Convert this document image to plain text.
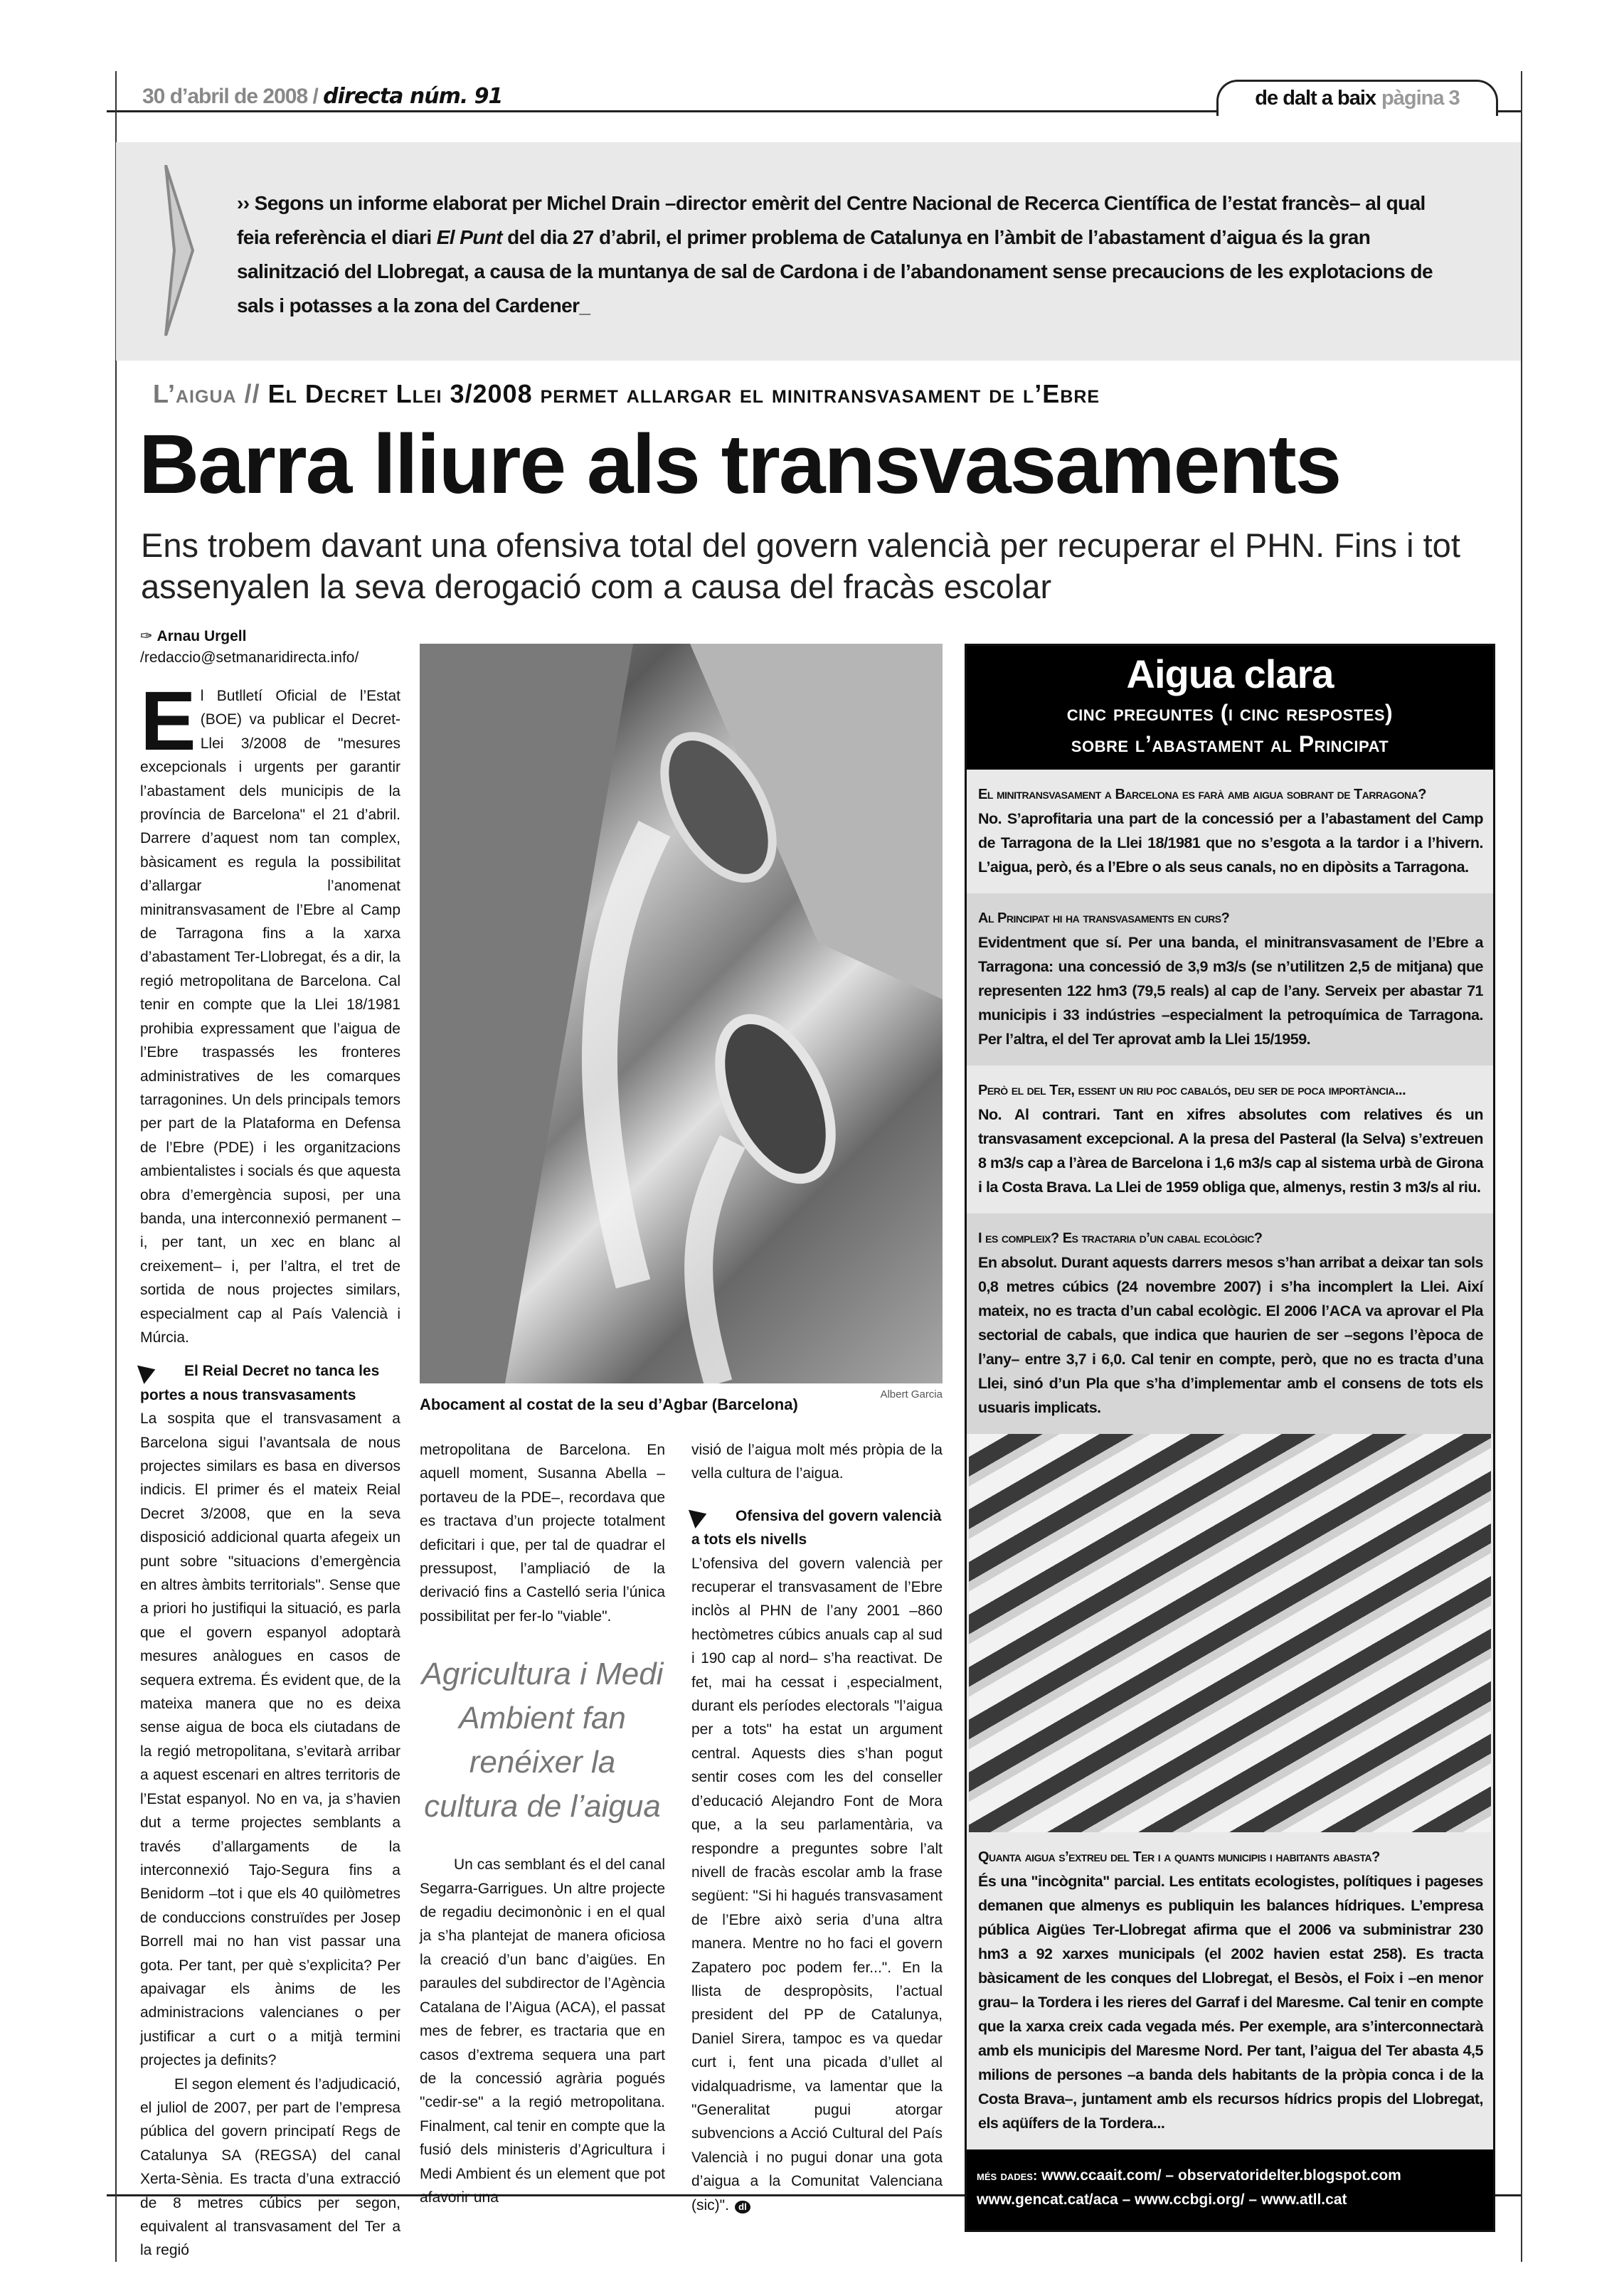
30 d’abril de 2008 / directa núm. 91	de dalt a baix pàgina 3
›› Segons un informe elaborat per Michel Drain –director emèrit del Centre Nacional de Recerca Científica de l’estat francès– al qual feia referència el diari El Punt del dia 27 d’abril, el primer problema de Catalunya en l’àmbit de l’abastament d’aigua és la gran salinització del Llobregat, a causa de la muntanya de sal de Cardona i de l’abandonament sense precaucions de les explotacions de sals i potasses a la zona del Cardener_
L’aigua // El Decret Llei 3/2008 permet allargar el minitransvasament de l’Ebre
Barra lliure als transvasaments
Ens trobem davant una ofensiva total del govern valencià per recuperar el PHN. Fins i tot assenyalen la seva derogació com a causa del fracàs escolar
✑ Arnau Urgell
/redaccio@setmanaridirecta.info/

El Butlletí Oficial de l’Estat (BOE) va publicar el Decret-Llei 3/2008 de "mesures excepcionals i urgents per garantir l’abastament dels municipis de la província de Barcelona" el 21 d’abril. Darrere d’aquest nom tan complex, bàsicament es regula la possibilitat d’allargar l’anomenat minitransvasament de l’Ebre al Camp de Tarragona fins a la xarxa d’abastament Ter-Llobregat, és a dir, la regió metropolitana de Barcelona. Cal tenir en compte que la Llei 18/1981 prohibia expressament que l’aigua de l’Ebre traspassés les fronteres administratives de les comarques tarragonines. Un dels principals temors per part de la Plataforma en Defensa de l’Ebre (PDE) i les organitzacions ambientalistes i socials és que aquesta obra d’emergència suposi, per una banda, una interconnexió permanent –i, per tant, un xec en blanc al creixement– i, per l’altra, el tret de sortida de nous projectes similars, especialment cap al País Valencià i Múrcia.

El Reial Decret no tanca les portes a nous transvasaments

La sospita que el transvasament a Barcelona sigui l’avantsala de nous projectes similars es basa en diversos indicis. El primer és el mateix Reial Decret 3/2008, que en la seva disposició addicional quarta afegeix un punt sobre "situacions d’emergència en altres àmbits territorials". Sense que a priori ho justifiqui la situació, es parla que el govern espanyol adoptarà mesures anàlogues en casos de sequera extrema. És evident que, de la mateixa manera que no es deixa sense aigua de boca els ciutadans de la regió metropolitana, s’evitarà arribar a aquest escenari en altres territoris de l’Estat espanyol. No en va, ja s’havien dut a terme projectes semblants a través d’allargaments de la interconnexió Tajo-Segura fins a Benidorm –tot i que els 40 quilòmetres de conduccions construïdes per Josep Borrell mai no han vist passar una gota. Per tant, per què s’explicita? Per apaivagar els ànims de les administracions valencianes o per justificar a curt o a mitjà termini projectes ja definits?

El segon element és l’adjudicació, el juliol de 2007, per part de l’empresa pública del govern principatí Regs de Catalunya SA (REGSA) del canal Xerta-Sènia. Es tracta d’una extracció de 8 metres cúbics per segon, equivalent al transvasament del Ter a la regió

Abocament al costat de la seu d’Agbar (Barcelona)
Albert Garcia

metropolitana de Barcelona. En aquell moment, Susanna Abella –portaveu de la PDE–, recordava que es tractava d’un projecte totalment deficitari i que, per tal de quadrar el pressupost, l’ampliació de la derivació fins a Castelló seria l’única possibilitat per fer-lo "viable".

Agricultura i Medi Ambient fan renéixer la cultura de l’aigua

Un cas semblant és el del canal Segarra-Garrigues. Un altre projecte de regadiu decimonònic i en el qual ja s’ha plantejat de manera oficiosa la creació d’un banc d’aigües. En paraules del subdirector de l’Agència Catalana de l’Aigua (ACA), el passat mes de febrer, es tractaria que en casos d’extrema sequera una part de la concessió agrària pogués "cedir-se" a la regió metropolitana. Finalment, cal tenir en compte que la fusió dels ministeris d’Agricultura i Medi Ambient és un element que pot afavorir una

visió de l’aigua molt més pròpia de la vella cultura de l’aigua.

Ofensiva del govern valencià a tots els nivells

L’ofensiva del govern valencià per recuperar el transvasament de l’Ebre inclòs al PHN de l’any 2001 –860 hectòmetres cúbics anuals cap al sud i 190 cap al nord– s’ha reactivat. De fet, mai ha cessat i ,especialment, durant els períodes electorals "l’aigua per a tots" ha estat un argument central. Aquests dies s’han pogut sentir coses com les del conseller d’educació Alejandro Font de Mora que, a la seu parlamentària, va respondre a preguntes sobre l’alt nivell de fracàs escolar amb la frase següent: "Si hi hagués transvasament de l’Ebre això seria d’una altra manera. Mentre no ho faci el govern Zapatero poc podem fer...". En la llista de despropòsits, l’actual president del PP de Catalunya, Daniel Sirera, tampoc es va quedar curt i, fent una picada d’ullet al vidalquadrisme, va lamentar que la "Generalitat pugui atorgar subvencions a Acció Cultural del País Valencià i no pugui donar una gota d’aigua a la Comunitat Valenciana (sic)". dl

Aigua clara
cinc preguntes (i cinc respostes)
sobre l’abastament al Principat
El minitransvasament a Barcelona es farà amb aigua sobrant de Tarragona?
No. S’aprofitaria una part de la concessió per a l’abastament del Camp de Tarragona de la Llei 18/1981 que no s’esgota a la tardor i a l’hivern. L’aigua, però, és a l’Ebre o als seus canals, no en dipòsits a Tarragona.
Al Principat hi ha transvasaments en curs?
Evidentment que sí. Per una banda, el minitransvasament de l’Ebre a Tarragona: una concessió de 3,9 m3/s (se n’utilitzen 2,5 de mitjana) que representen 122 hm3 (79,5 reals) al cap de l’any. Serveix per abastar 71 municipis i 33 indústries –especialment la petroquímica de Tarragona. Per l’altra, el del Ter aprovat amb la Llei 15/1959.
Però el del Ter, essent un riu poc cabalós, deu ser de poca importància...
No. Al contrari. Tant en xifres absolutes com relatives és un transvasament excepcional. A la presa del Pasteral (la Selva) s’extreuen 8 m3/s cap a l’àrea de Barcelona i 1,6 m3/s cap al sistema urbà de Girona i la Costa Brava. La Llei de 1959 obliga que, almenys, restin 3 m3/s al riu.
I es compleix? Es tractaria d’un cabal ecològic?
En absolut. Durant aquests darrers mesos s’han arribat a deixar tan sols 0,8 metres cúbics (24 novembre 2007) i s’ha incomplert la Llei. Així mateix, no es tracta d’un cabal ecològic. El 2006 l’ACA va aprovar el Pla sectorial de cabals, que indica que haurien de ser –segons l’època de l’any– entre 3,7 i 6,0. Cal tenir en compte, però, que no es tracta d’una Llei, sinó d’un Pla que s’ha d’implementar amb el consens de tots els usuaris implicats.
Quanta aigua s’extreu del Ter i a quants municipis i habitants abasta?
És una "incògnita" parcial. Les entitats ecologistes, polítiques i pageses demanen que almenys es publiquin les balances hídriques. L’empresa pública Aigües Ter-Llobregat afirma que el 2006 va subministrar 230 hm3 a 92 xarxes municipals (el 2002 havien estat 258). Es tracta bàsicament de les conques del Llobregat, el Besòs, el Foix i –en menor grau– la Tordera i les rieres del Garraf i del Maresme. Cal tenir en compte que la xarxa creix cada vegada més. Per exemple, ara s’interconnectarà amb els municipis del Maresme Nord. Per tant, l’aigua del Ter abasta 4,5 milions de persones –a banda dels habitants de la pròpia conca i de la Costa Brava–, juntament amb els recursos hídrics propis del Llobregat, els aqüífers de la Tordera...
més dades: www.ccaait.com/ – observatoridelter.blogspot.com
www.gencat.cat/aca – www.ccbgi.org/ – www.atll.cat
